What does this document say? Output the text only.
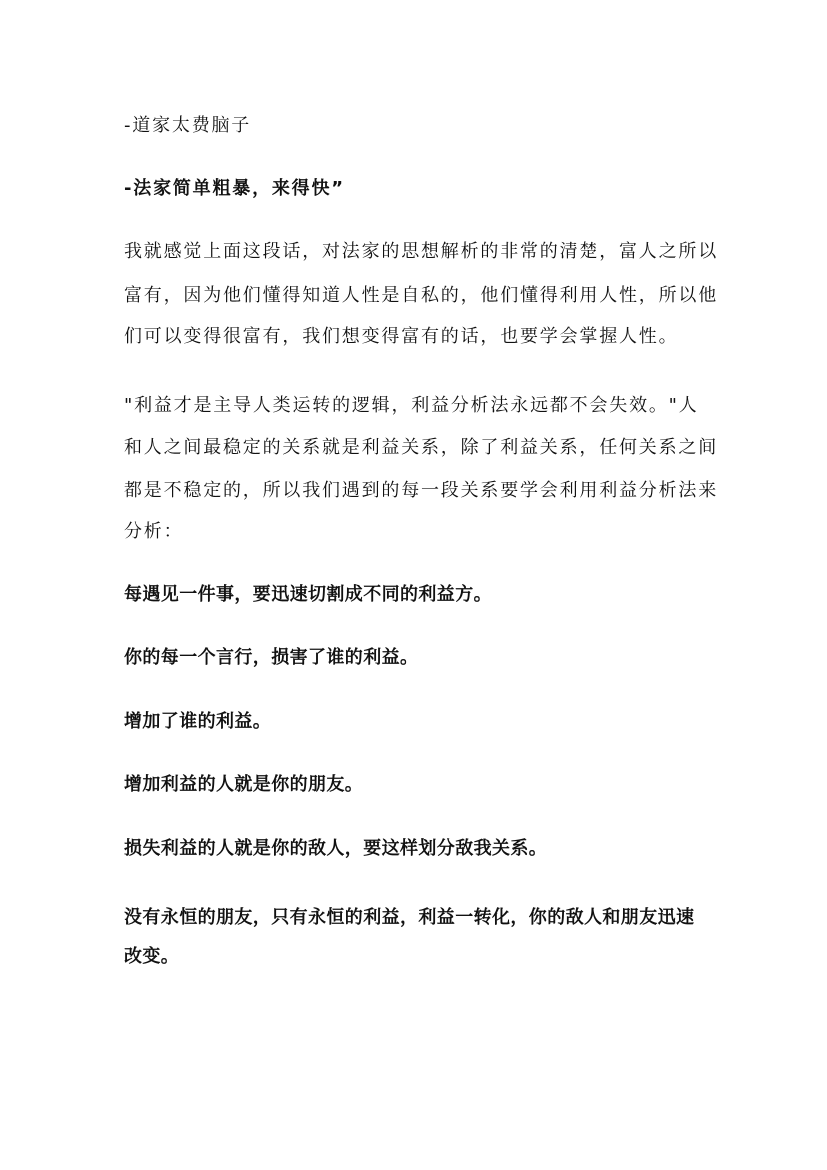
-道家太费脑子

-法家简单粗暴，来得快”

我就感觉上面这段话，对法家的思想解析的非常的清楚，富人之所以

富有，因为他们懂得知道人性是自私的，他们懂得利用人性，所以他

们可以变得很富有，我们想变得富有的话，也要学会掌握人性。

"利益才是主导人类运转的逻辑，利益分析法永远都不会失效。"人

和人之间最稳定的关系就是利益关系，除了利益关系，任何关系之间

都是不稳定的，所以我们遇到的每一段关系要学会利用利益分析法来

分析：

每遇见一件事，要迅速切割成不同的利益方。

你的每一个言行，损害了谁的利益。

增加了谁的利益。

增加利益的人就是你的朋友。

损失利益的人就是你的敌人，要这样划分敌我关系。

没有永恒的朋友，只有永恒的利益，利益一转化，你的敌人和朋友迅速

改变。
